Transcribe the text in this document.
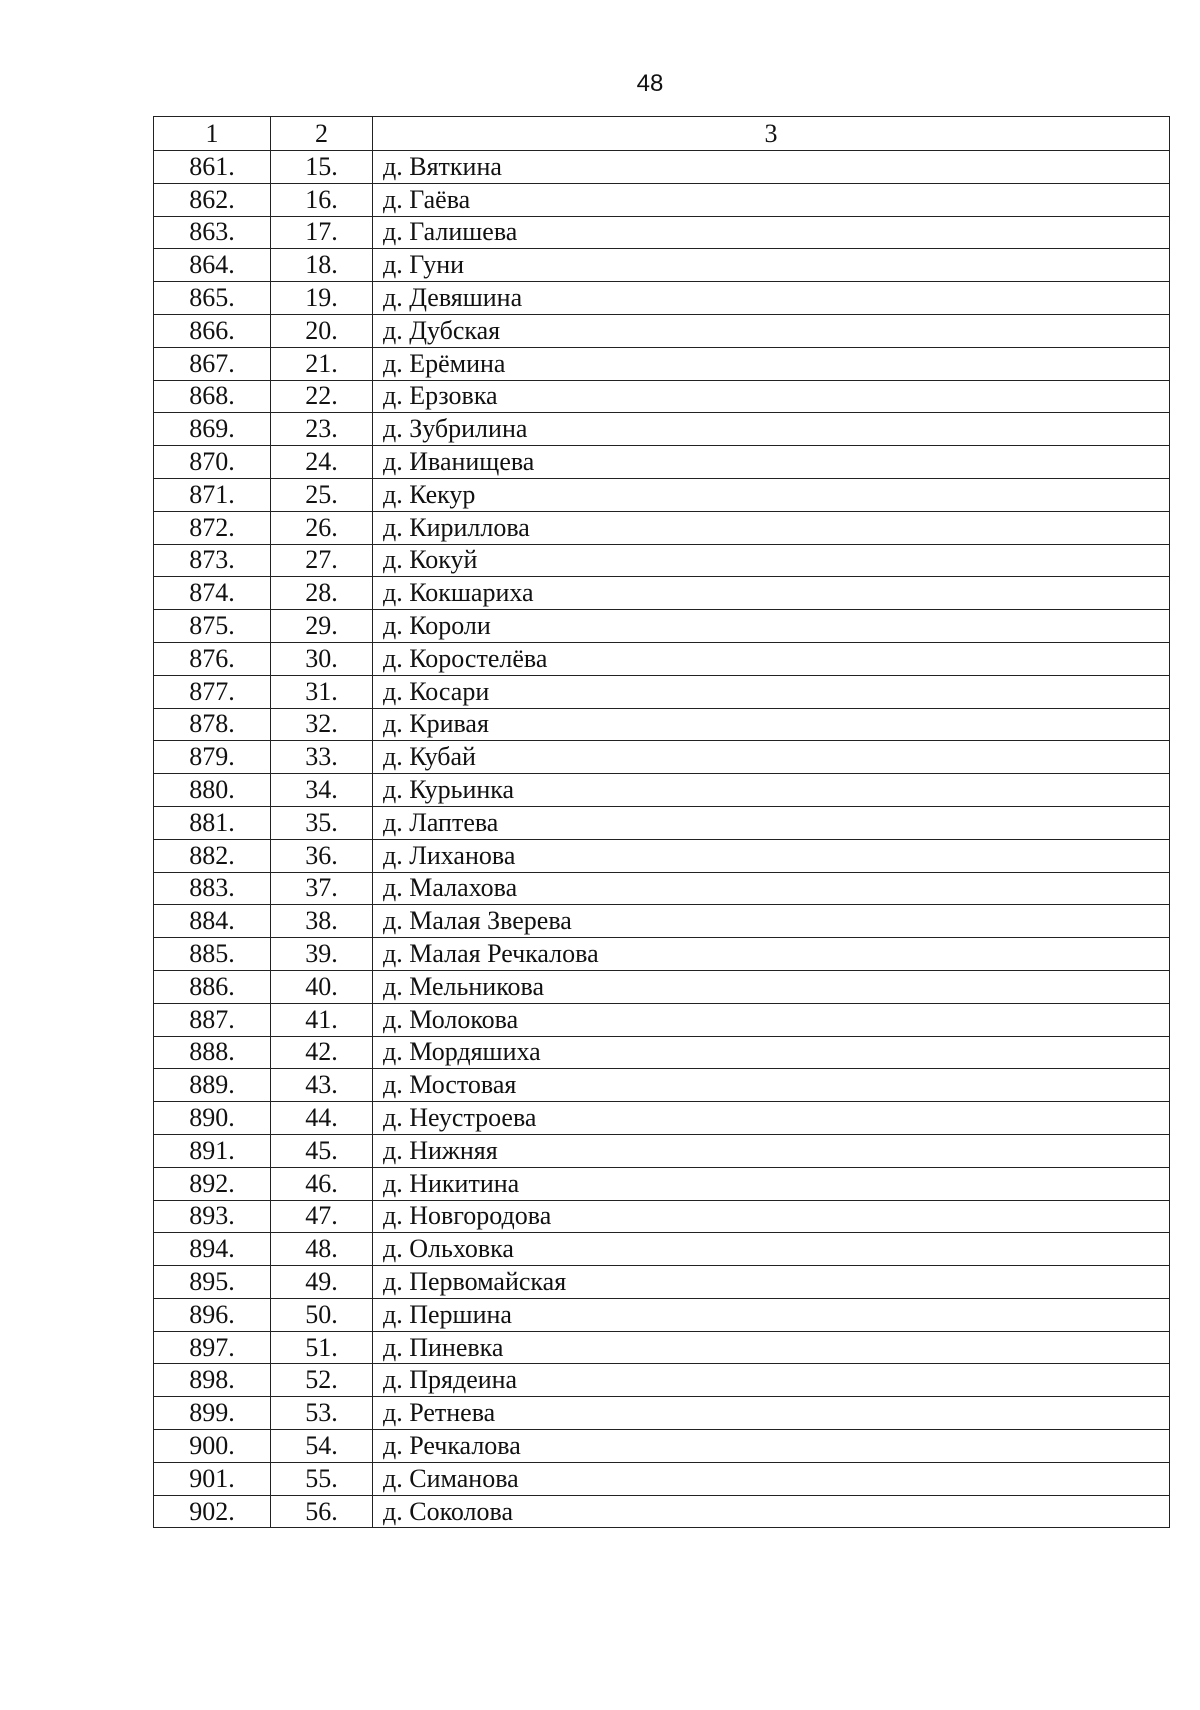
48
1	2	3
861.	15.	д. Вяткина
862.	16.	д. Гаёва
863.	17.	д. Галишева
864.	18.	д. Гуни
865.	19.	д. Девяшина
866.	20.	д. Дубская
867.	21.	д. Ерёмина
868.	22.	д. Ерзовка
869.	23.	д. Зубрилина
870.	24.	д. Иванищева
871.	25.	д. Кекур
872.	26.	д. Кириллова
873.	27.	д. Кокуй
874.	28.	д. Кокшариха
875.	29.	д. Короли
876.	30.	д. Коростелёва
877.	31.	д. Косари
878.	32.	д. Кривая
879.	33.	д. Кубай
880.	34.	д. Курьинка
881.	35.	д. Лаптева
882.	36.	д. Лиханова
883.	37.	д. Малахова
884.	38.	д. Малая Зверева
885.	39.	д. Малая Речкалова
886.	40.	д. Мельникова
887.	41.	д. Молокова
888.	42.	д. Мордяшиха
889.	43.	д. Мостовая
890.	44.	д. Неустроева
891.	45.	д. Нижняя
892.	46.	д. Никитина
893.	47.	д. Новгородова
894.	48.	д. Ольховка
895.	49.	д. Первомайская
896.	50.	д. Першина
897.	51.	д. Пиневка
898.	52.	д. Прядеина
899.	53.	д. Ретнева
900.	54.	д. Речкалова
901.	55.	д. Симанова
902.	56.	д. Соколова
